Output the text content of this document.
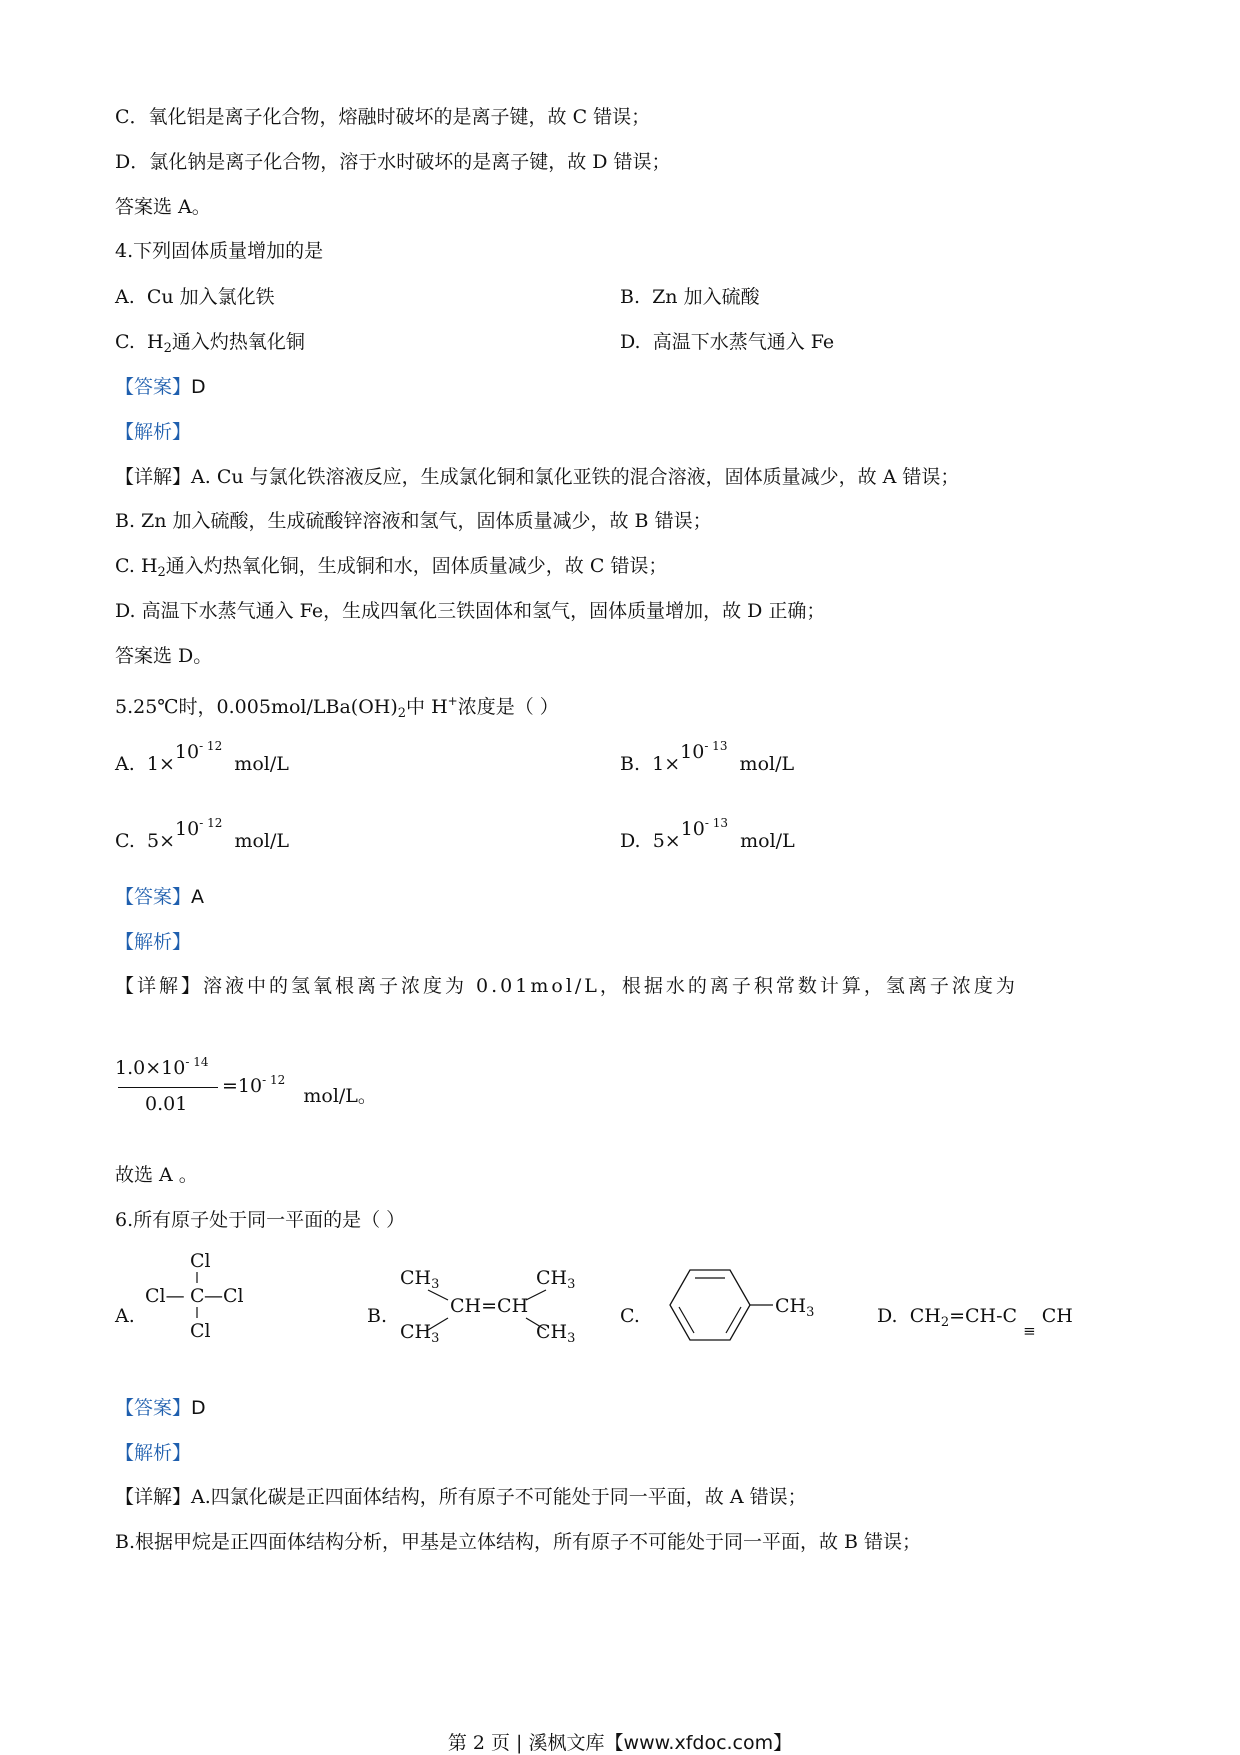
C．氧化铝是离子化合物，熔融时破坏的是离子键，故 C 错误；
D．氯化钠是离子化合物，溶于水时破坏的是离子键，故 D 错误；
答案选 A。
4.下列固体质量增加的是
A. Cu 加入氯化铁	B. Zn 加入硫酸
C. $H_2$通入灼热氧化铜	D. 高温下水蒸气通入 Fe
【答案】D
【解析】
【详解】A. Cu 与氯化铁溶液反应，生成氯化铜和氯化亚铁的混合溶液，固体质量减少，故 A 错误；
B. Zn 加入硫酸，生成硫酸锌溶液和氢气，固体质量减少，故 B 错误；
C. $H_2$通入灼热氧化铜，生成铜和水，固体质量减少，故 C 错误；
D. 高温下水蒸气通入 Fe，生成四氧化三铁固体和氢气，固体质量增加，故 D 正确；
答案选 D。
5.25℃时，$0.005mol/LBa(OH)_2$中 H+浓度是（ ）
A. $1\times 10^{- 12}$  mol/L	B. $1\times 10^{- 13}$  mol/L
C. $5\times 10^{- 12}$  mol/L	D. $5\times 10^{- 13}$  mol/L
【答案】A
【解析】
【详解】溶液中的氢氧根离子浓度为 0.01mol/L，根据水的离子积常数计算，氢离子浓度为
$1.0\times 10^{- 14}$
0.01
$=10^{- 12}$   mol/L。
故选 A 。
6.所有原子处于同一平面的是（ ）
A.
Cl
Cl— C —Cl
Cl
B.
$CH_3$
CH=CH
$CH_3$
$CH_3$	$CH_3$
C.	$CH_3$	D. $CH_2=CH-C$ $_\equiv$ CH
【答案】D
【解析】
【详解】A.四氯化碳是正四面体结构，所有原子不可能处于同一平面，故 A 错误；
B.根据甲烷是正四面体结构分析，甲基是立体结构，所有原子不可能处于同一平面，故 B 错误；
第 2 页 | 溪枫文库【www.xfdoc.com】
